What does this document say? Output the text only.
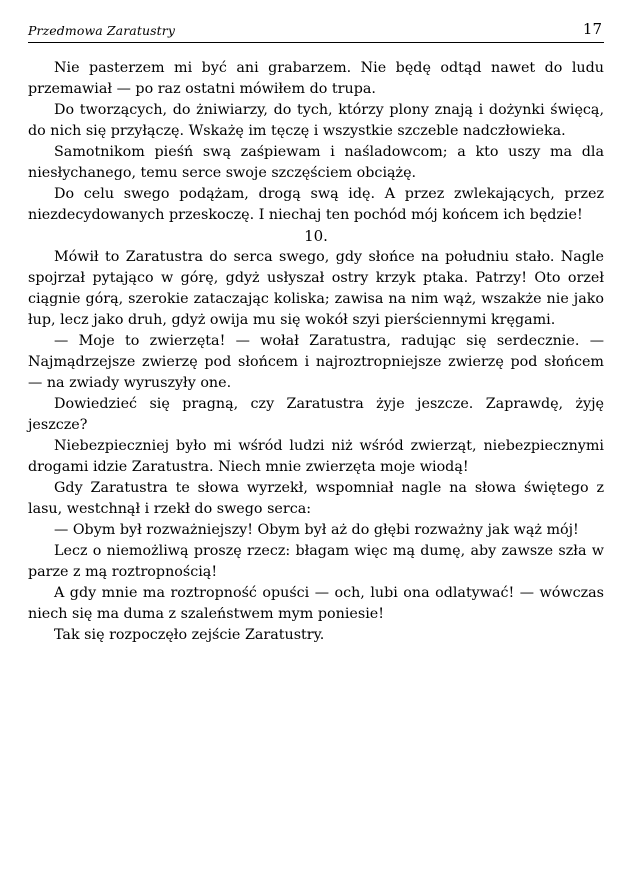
Przedmowa Zaratustry	17

Nie pasterzem mi być ani grabarzem. Nie będę odtąd nawet do ludu przemawiał — po raz ostatni mówiłem do trupa.

Do tworzących, do żniwiarzy, do tych, którzy plony znają i dożynki święcą, do nich się przyłączę. Wskażę im tęczę i wszystkie szczeble nadczłowieka.

Samotnikom pieśń swą zaśpiewam i naśladowcom; a kto uszy ma dla niesłychanego, temu serce swoje szczęściem obciążę.

Do celu swego podążam, drogą swą idę. A przez zwlekających, przez niezdecydowanych przeskoczę. I niechaj ten pochód mój końcem ich będzie!

10.

Mówił to Zaratustra do serca swego, gdy słońce na południu stało. Nagle spojrzał pytająco w górę, gdyż usłyszał ostry krzyk ptaka. Patrzy! Oto orzeł ciągnie górą, szerokie zataczając koliska; zawisa na nim wąż, wszakże nie jako łup, lecz jako druh, gdyż owija mu się wokół szyi pierściennymi kręgami.

— Moje to zwierzęta! — wołał Zaratustra, radując się serdecznie. — Najmądrzejsze zwierzę pod słońcem i najroztropniejsze zwierzę pod słońcem — na zwiady wyruszyły one.

Dowiedzieć się pragną, czy Zaratustra żyje jeszcze. Zaprawdę, żyję jeszcze?

Niebezpieczniej było mi wśród ludzi niż wśród zwierząt, niebezpiecznymi drogami idzie Zaratustra. Niech mnie zwierzęta moje wiodą!

Gdy Zaratustra te słowa wyrzekł, wspomniał nagle na słowa świętego z lasu, westchnął i rzekł do swego serca:

— Obym był rozważniejszy! Obym był aż do głębi rozważny jak wąż mój!

Lecz o niemożliwą proszę rzecz: błagam więc mą dumę, aby zawsze szła w parze z mą roztropnością!

A gdy mnie ma roztropność opuści — och, lubi ona odlatywać! — wówczas niech się ma duma z szaleństwem mym poniesie!

Tak się rozpoczęło zejście Zaratustry.
